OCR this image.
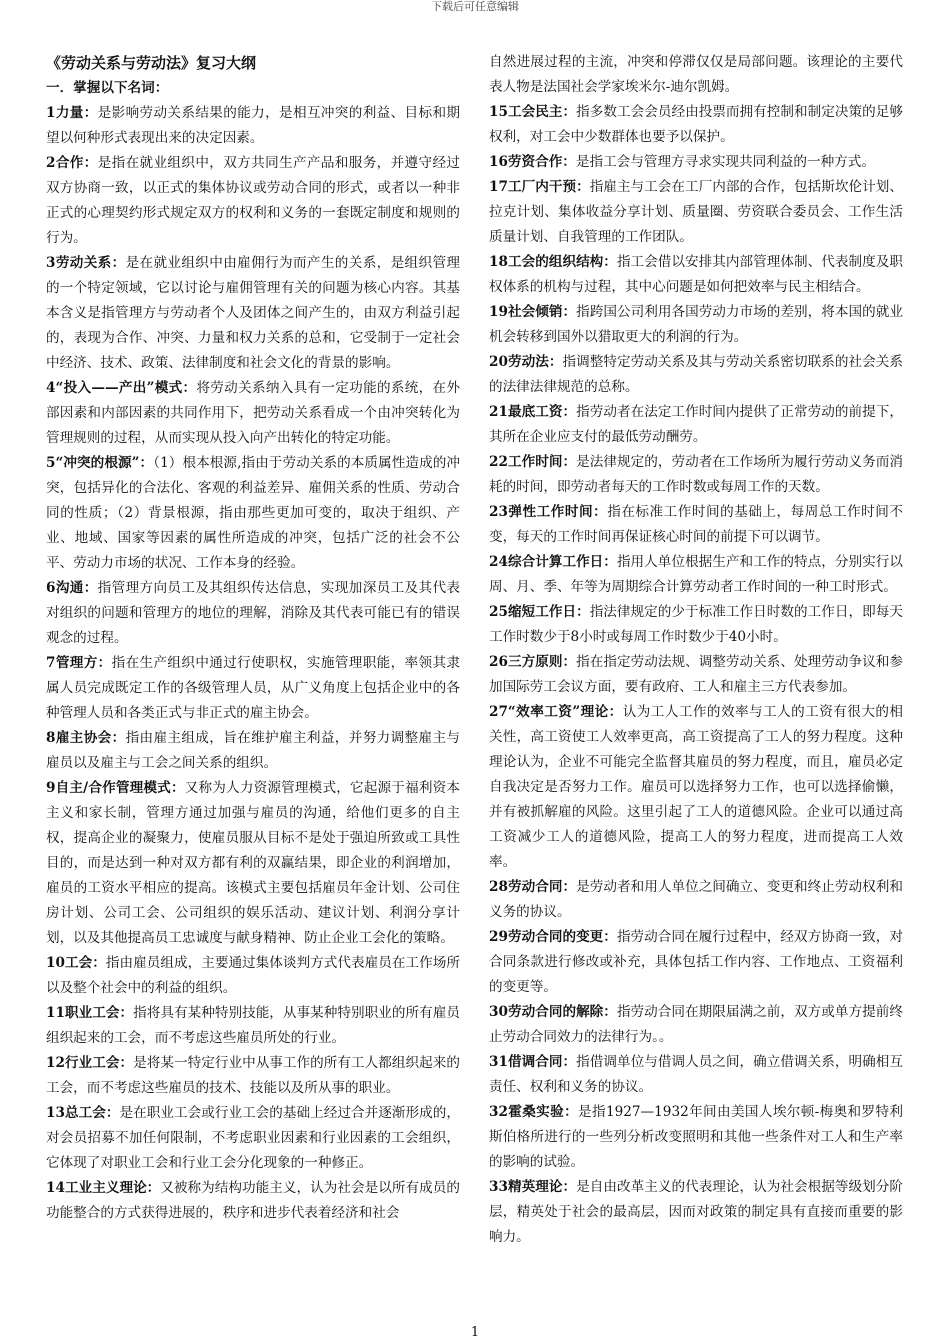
下载后可任意编辑

《劳动关系与劳动法》复习大纲

一．掌握以下名词：

1力量：是影响劳动关系结果的能力，是相互冲突的利益、目标和期望以何种形式表现出来的决定因素。

2合作：是指在就业组织中，双方共同生产产品和服务，并遵守经过双方协商一致，以正式的集体协议或劳动合同的形式，或者以一种非正式的心理契约形式规定双方的权利和义务的一套既定制度和规则的行为。

3劳动关系：是在就业组织中由雇佣行为而产生的关系，是组织管理的一个特定领域，它以讨论与雇佣管理有关的问题为核心内容。其基本含义是指管理方与劳动者个人及团体之间产生的，由双方利益引起的，表现为合作、冲突、力量和权力关系的总和，它受制于一定社会中经济、技术、政策、法律制度和社会文化的背景的影响。

4“投入——产出”模式：将劳动关系纳入具有一定功能的系统，在外部因素和内部因素的共同作用下，把劳动关系看成一个由冲突转化为管理规则的过程，从而实现从投入向产出转化的特定功能。

5“冲突的根源”：（1）根本根源,指由于劳动关系的本质属性造成的冲突，包括异化的合法化、客观的利益差异、雇佣关系的性质、劳动合同的性质；（2）背景根源，指由那些更加可变的，取决于组织、产业、地域、国家等因素的属性所造成的冲突，包括广泛的社会不公平、劳动力市场的状况、工作本身的经验。

6沟通：指管理方向员工及其组织传达信息，实现加深员工及其代表对组织的问题和管理方的地位的理解，消除及其代表可能已有的错误观念的过程。

7管理方：指在生产组织中通过行使职权，实施管理职能，率领其隶属人员完成既定工作的各级管理人员，从广义角度上包括企业中的各种管理人员和各类正式与非正式的雇主协会。

8雇主协会：指由雇主组成，旨在维护雇主利益，并努力调整雇主与雇员以及雇主与工会之间关系的组织。

9自主/合作管理模式：又称为人力资源管理模式，它起源于福利资本主义和家长制，管理方通过加强与雇员的沟通，给他们更多的自主权，提高企业的凝聚力，使雇员服从目标不是处于强迫所致或工具性目的，而是达到一种对双方都有利的双赢结果，即企业的利润增加，雇员的工资水平相应的提高。该模式主要包括雇员年金计划、公司住房计划、公司工会、公司组织的娱乐活动、建议计划、利润分享计划，以及其他提高员工忠诚度与献身精神、防止企业工会化的策略。

10工会：指由雇员组成，主要通过集体谈判方式代表雇员在工作场所以及整个社会中的利益的组织。

11职业工会：指将具有某种特别技能，从事某种特别职业的所有雇员组织起来的工会，而不考虑这些雇员所处的行业。

12行业工会：是将某一特定行业中从事工作的所有工人都组织起来的工会，而不考虑这些雇员的技术、技能以及所从事的职业。

13总工会：是在职业工会或行业工会的基础上经过合并逐渐形成的，对会员招募不加任何限制，不考虑职业因素和行业因素的工会组织，它体现了对职业工会和行业工会分化现象的一种修正。

14工业主义理论：又被称为结构功能主义，认为社会是以所有成员的功能整合的方式获得进展的，秩序和进步代表着经济和社会

自然进展过程的主流，冲突和停滞仅仅是局部问题。该理论的主要代表人物是法国社会学家埃米尔-迪尔凯姆。

15工会民主：指多数工会会员经由投票而拥有控制和制定决策的足够权利，对工会中少数群体也要予以保护。

16劳资合作：是指工会与管理方寻求实现共同利益的一种方式。

17工厂内干预：指雇主与工会在工厂内部的合作，包括斯坎伦计划、拉克计划、集体收益分享计划、质量圈、劳资联合委员会、工作生活质量计划、自我管理的工作团队。

18工会的组织结构：指工会借以安排其内部管理体制、代表制度及职权体系的机构与过程，其中心问题是如何把效率与民主相结合。

19社会倾销：指跨国公司利用各国劳动力市场的差别，将本国的就业机会转移到国外以猎取更大的利润的行为。

20劳动法：指调整特定劳动关系及其与劳动关系密切联系的社会关系的法律法律规范的总称。

21最底工资：指劳动者在法定工作时间内提供了正常劳动的前提下，其所在企业应支付的最低劳动酬劳。

22工作时间：是法律规定的，劳动者在工作场所为履行劳动义务而消耗的时间，即劳动者每天的工作时数或每周工作的天数。

23弹性工作时间：指在标准工作时间的基础上，每周总工作时间不变，每天的工作时间再保证核心时间的前提下可以调节。

24综合计算工作日：指用人单位根据生产和工作的特点，分别实行以周、月、季、年等为周期综合计算劳动者工作时间的一种工时形式。

25缩短工作日：指法律规定的少于标准工作日时数的工作日，即每天工作时数少于8小时或每周工作时数少于40小时。

26三方原则：指在指定劳动法规、调整劳动关系、处理劳动争议和参加国际劳工会议方面，要有政府、工人和雇主三方代表参加。

27“效率工资”理论：认为工人工作的效率与工人的工资有很大的相关性，高工资使工人效率更高，高工资提高了工人的努力程度。这种理论认为，企业不可能完全监督其雇员的努力程度，而且，雇员必定自我决定是否努力工作。雇员可以选择努力工作，也可以选择偷懒，并有被抓解雇的风险。这里引起了工人的道德风险。企业可以通过高工资减少工人的道德风险，提高工人的努力程度，进而提高工人效率。

28劳动合同：是劳动者和用人单位之间确立、变更和终止劳动权利和义务的协议。

29劳动合同的变更：指劳动合同在履行过程中，经双方协商一致，对合同条款进行修改或补充，具体包括工作内容、工作地点、工资福利的变更等。

30劳动合同的解除：指劳动合同在期限届满之前，双方或单方提前终止劳动合同效力的法律行为。。

31借调合同：指借调单位与借调人员之间，确立借调关系，明确相互责任、权利和义务的协议。

32霍桑实验：是指1927—1932年间由美国人埃尔顿-梅奥和罗特利斯伯格所进行的一些列分析改变照明和其他一些条件对工人和生产率的影响的试验。

33精英理论：是自由改革主义的代表理论，认为社会根据等级划分阶层，精英处于社会的最高层，因而对政策的制定具有直接而重要的影响力。

1
